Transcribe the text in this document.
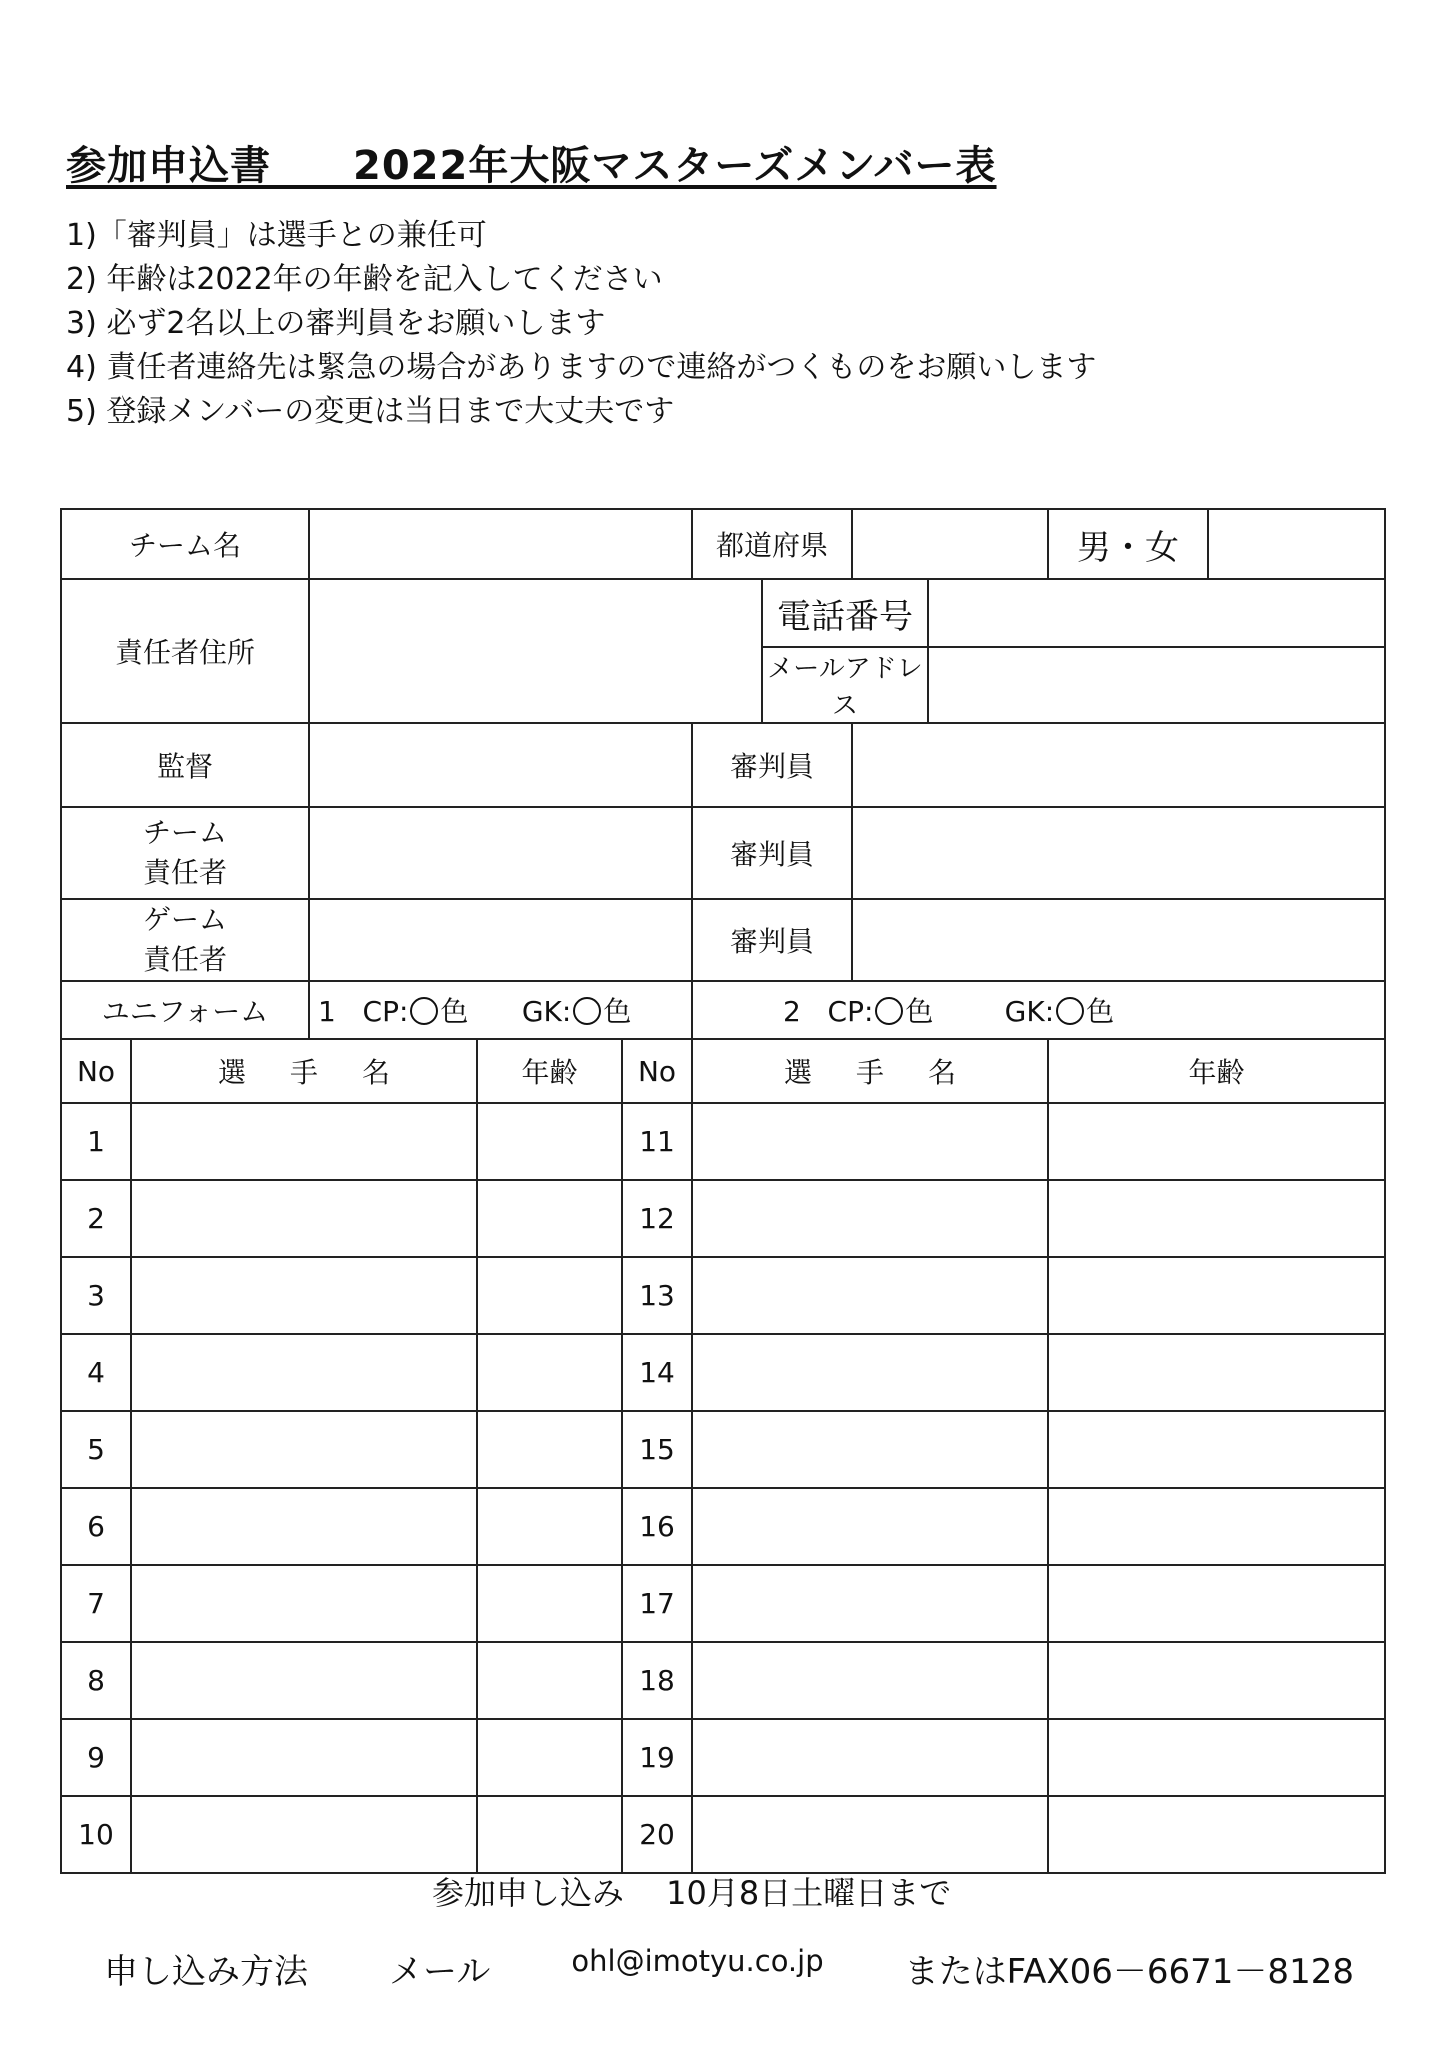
参加申込書　　2022年大阪マスターズメンバー表
1)「審判員」は選手との兼任可
2) 年齢は2022年の年齢を記入してください
3) 必ず2名以上の審判員をお願いします
4) 責任者連絡先は緊急の場合がありますので連絡がつくものをお願いします
5) 登録メンバーの変更は当日まで大丈夫です
チーム名					都道府県				男・女	
責任者住所						電話番号				
						メールアドレス				
監督					審判員					

チーム
責任者					審判員					

ゲーム
責任者					審判員					
ユニフォーム		1 CP: 色 GK: 色			2 CP: 色 GK: 色					
No	選手名		年齢	No	選手名				年齢	
1				11						
2				12						
3				13						
4				14						
5				15						
6				16						
7				17						
8				18						
9				19						
10				20						
参加申し込み　 10月8日土曜日まで
申し込み方法 メール	ohl@imotyu.co.jp またはFAX06－6671－8128
